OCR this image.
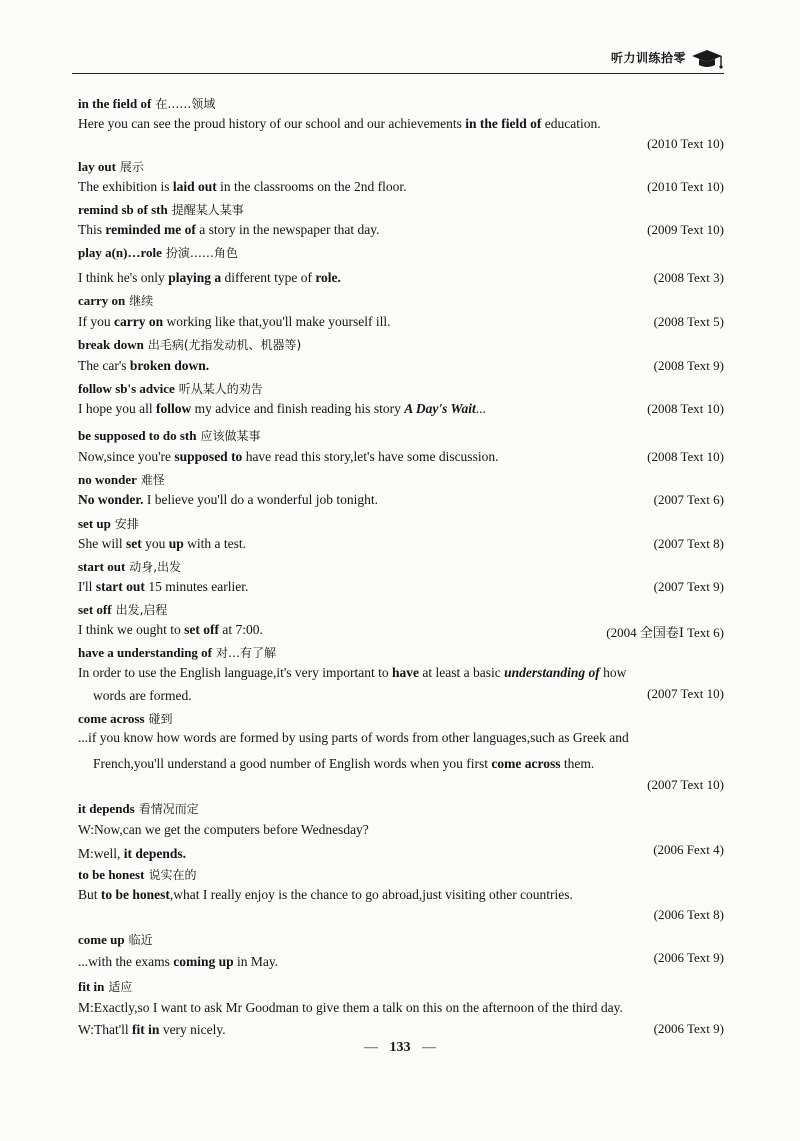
听力训练拾零
in the field of 在……领域
Here you can see the proud history of our school and our achievements in the field of education.
(2010 Text 10)
lay out 展示
The exhibition is laid out in the classrooms on the 2nd floor.	(2010 Text 10)
remind sb of sth 提醒某人某事
This reminded me of a story in the newspaper that day.	(2009 Text 10)
play a(n)…role 扮演……角色
I think he's only playing a different type of role.	(2008 Text 3)
carry on 继续
If you carry on working like that,you'll make yourself ill.	(2008 Text 5)
break down 出毛病(尤指发动机、机器等)
The car's broken down.	(2008 Text 9)
follow sb's advice 听从某人的劝告
I hope you all follow my advice and finish reading his story A Day's Wait...	(2008 Text 10)
be supposed to do sth 应该做某事
Now,since you're supposed to have read this story,let's have some discussion.	(2008 Text 10)
no wonder 难怪
No wonder. I believe you'll do a wonderful job tonight.	(2007 Text 6)
set up 安排
She will set you up with a test.	(2007 Text 8)
start out 动身,出发
I'll start out 15 minutes earlier.	(2007 Text 9)
set off 出发,启程
I think we ought to set off at 7:00.	(2004 全国卷Ⅰ Text 6)
have a understanding of 对…有了解
In order to use the English language,it's very important to have at least a basic understanding of how
words are formed.	(2007 Text 10)
come across 碰到
...if you know how words are formed by using parts of words from other languages,such as Greek and
French,you'll understand a good number of English words when you first come across them.
(2007 Text 10)
it depends 看情况而定
W:Now,can we get the computers before Wednesday?
M:well, it depends.	(2006 Fext 4)
to be honest 说实在的
But to be honest,what I really enjoy is the chance to go abroad,just visiting other countries.
(2006 Text 8)
come up 临近
...with the exams coming up in May.	(2006 Text 9)
fit in 适应
M:Exactly,so I want to ask Mr Goodman to give them a talk on this on the afternoon of the third day.
W:That'll fit in very nicely.	(2006 Text 9)
— 133 —
